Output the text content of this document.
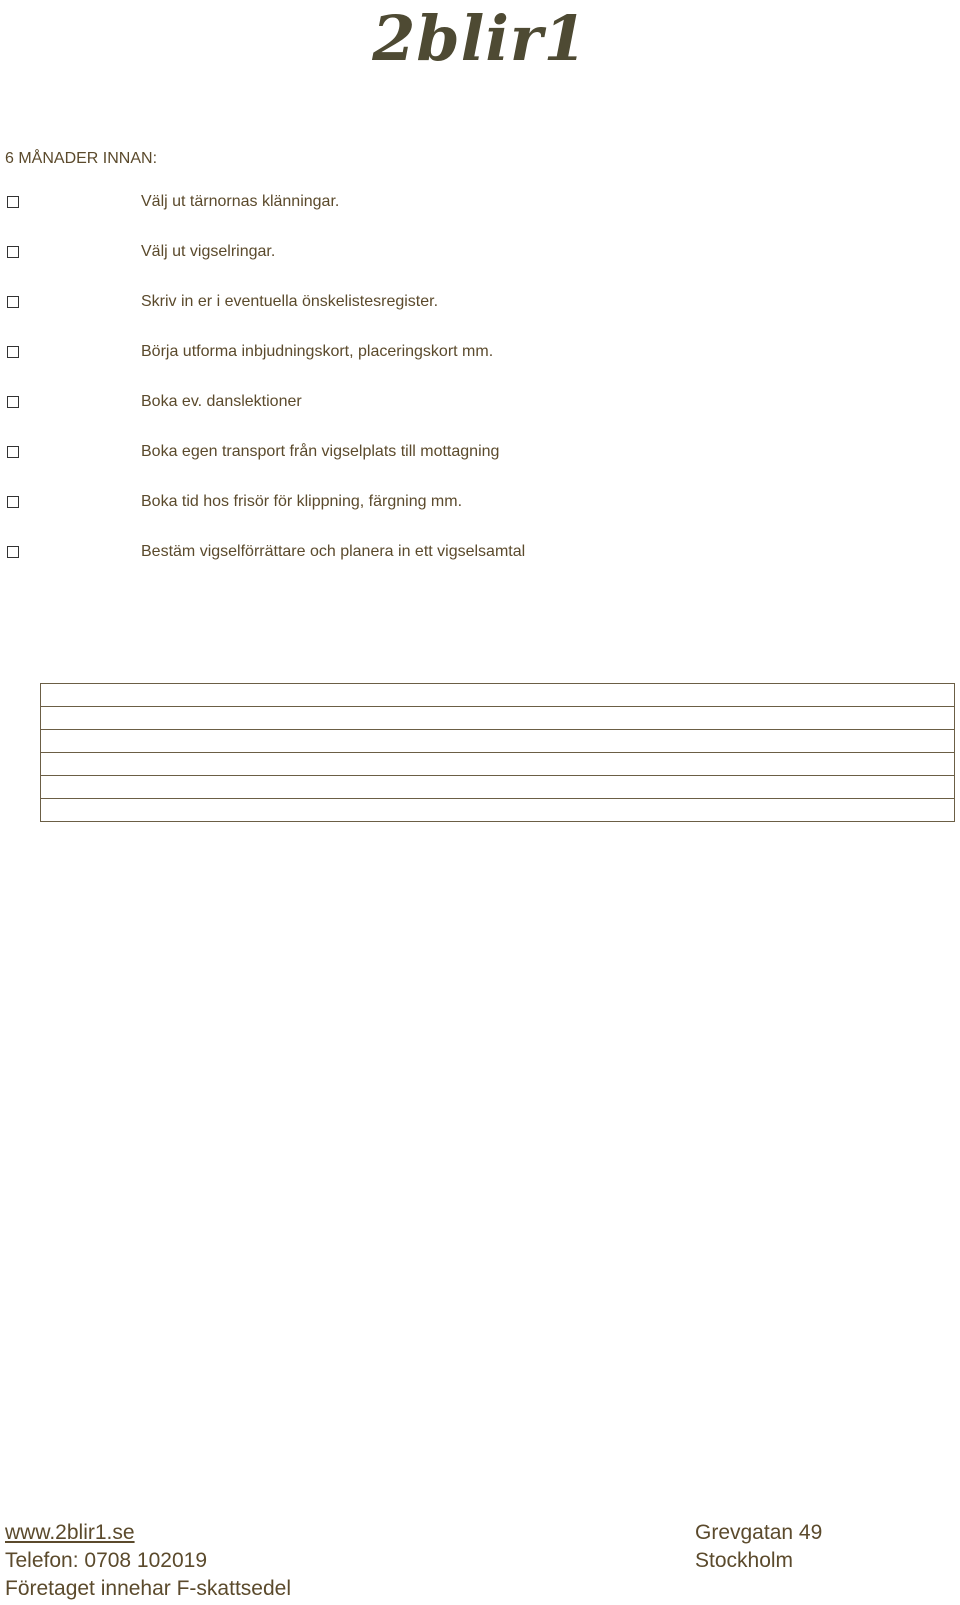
2blir1
6 MÅNADER INNAN:
Välj ut tärnornas klänningar.
Välj ut vigselringar.
Skriv in er i eventuella önskelistesregister.
Börja utforma inbjudningskort, placeringskort mm.
Boka ev. danslektioner
Boka egen transport från vigselplats till mottagning
Boka tid hos frisör för klippning, färgning mm.
Bestäm vigselförrättare och planera in ett vigselsamtal

www.2blir1.se
Telefon: 0708 102019
Företaget innehar F-skattsedel
Grevgatan 49
Stockholm
